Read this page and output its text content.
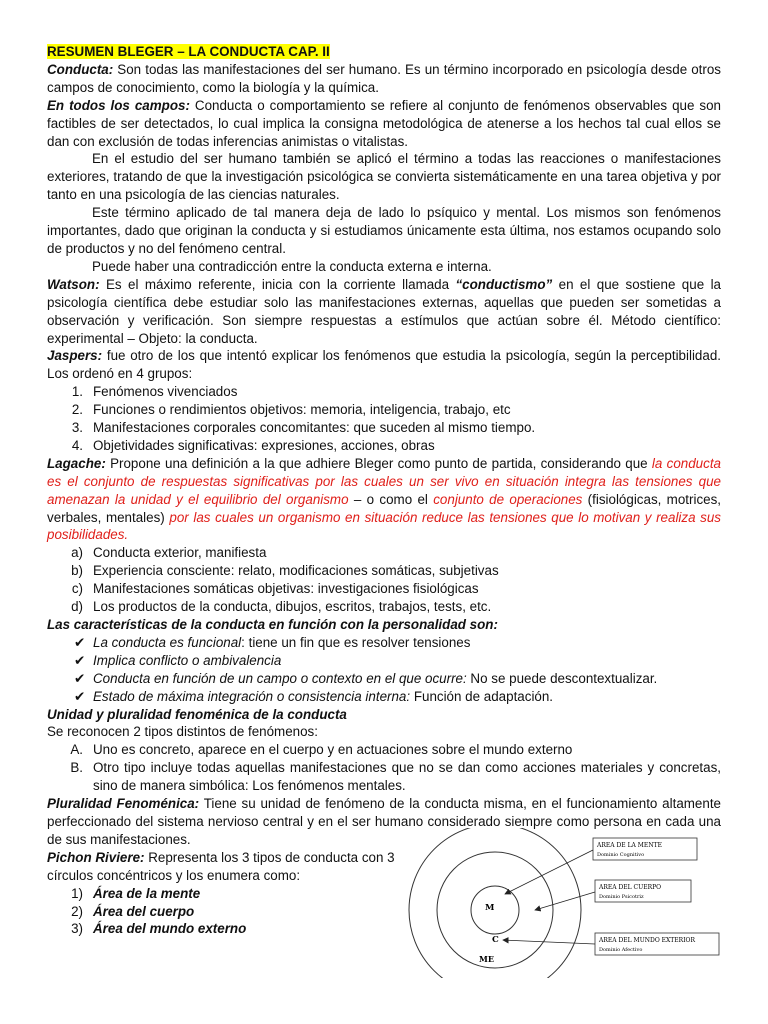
RESUMEN BLEGER – LA CONDUCTA CAP. II

Conducta: Son todas las manifestaciones del ser humano. Es un término incorporado en psicología desde otros campos de conocimiento, como la biología y la química.

En todos los campos: Conducta o comportamiento se refiere al conjunto de fenómenos observables que son factibles de ser detectados, lo cual implica la consigna metodológica de atenerse a los hechos tal cual ellos se dan con exclusión de todas inferencias animistas o vitalistas.

En el estudio del ser humano también se aplicó el término a todas las reacciones o manifestaciones exteriores, tratando de que la investigación psicológica se convierta sistemáticamente en una tarea objetiva y por tanto en una psicología de las ciencias naturales.

Este término aplicado de tal manera deja de lado lo psíquico y mental. Los mismos son fenómenos importantes, dado que originan la conducta y si estudiamos únicamente esta última, nos estamos ocupando solo de productos y no del fenómeno central.

Puede haber una contradicción entre la conducta externa e interna.

Watson: Es el máximo referente, inicia con la corriente llamada “conductismo” en el que sostiene que la psicología científica debe estudiar solo las manifestaciones externas, aquellas que pueden ser sometidas a observación y verificación. Son siempre respuestas a estímulos que actúan sobre él. Método científico: experimental – Objeto: la conducta.

Jaspers: fue otro de los que intentó explicar los fenómenos que estudia la psicología, según la perceptibilidad. Los ordenó en 4 grupos:

1. Fenómenos vivenciados
2. Funciones o rendimientos objetivos: memoria, inteligencia, trabajo, etc
3. Manifestaciones corporales concomitantes: que suceden al mismo tiempo.
4. Objetividades significativas: expresiones, acciones, obras

Lagache: Propone una definición a la que adhiere Bleger como punto de partida, considerando que la conducta es el conjunto de respuestas significativas por las cuales un ser vivo en situación integra las tensiones que amenazan la unidad y el equilibrio del organismo – o como el conjunto de operaciones (fisiológicas, motrices, verbales, mentales) por las cuales un organismo en situación reduce las tensiones que lo motivan y realiza sus posibilidades.

a) Conducta exterior, manifiesta
b) Experiencia consciente: relato, modificaciones somáticas, subjetivas
c) Manifestaciones somáticas objetivas: investigaciones fisiológicas
d) Los productos de la conducta, dibujos, escritos, trabajos, tests, etc.

Las características de la conducta en función con la personalidad son:

✔ La conducta es funcional: tiene un fin que es resolver tensiones
✔ Implica conflicto o ambivalencia
✔ Conducta en función de un campo o contexto en el que ocurre: No se puede descontextualizar.
✔ Estado de máxima integración o consistencia interna: Función de adaptación.

Unidad y pluralidad fenoménica de la conducta

Se reconocen 2 tipos distintos de fenómenos:

A. Uno es concreto, aparece en el cuerpo y en actuaciones sobre el mundo externo
B. Otro tipo incluye todas aquellas manifestaciones que no se dan como acciones materiales y concretas, sino de manera simbólica: Los fenómenos mentales.

Pluralidad Fenoménica: Tiene su unidad de fenómeno de la conducta misma, en el funcionamiento altamente perfeccionado del sistema nervioso central y en el ser humano considerado siempre como persona en cada una de sus manifestaciones.

Pichon Riviere: Representa los 3 tipos de conducta con 3 círculos concéntricos y los enumera como:

1) Área de la mente
2) Área del cuerpo
3) Área del mundo externo
M
C
ME
AREA DE LA MENTE
Dominio Cognitivo
AREA DEL CUERPO
Dominio Psicotriz
AREA DEL MUNDO EXTERIOR
Dominio Afectivo
